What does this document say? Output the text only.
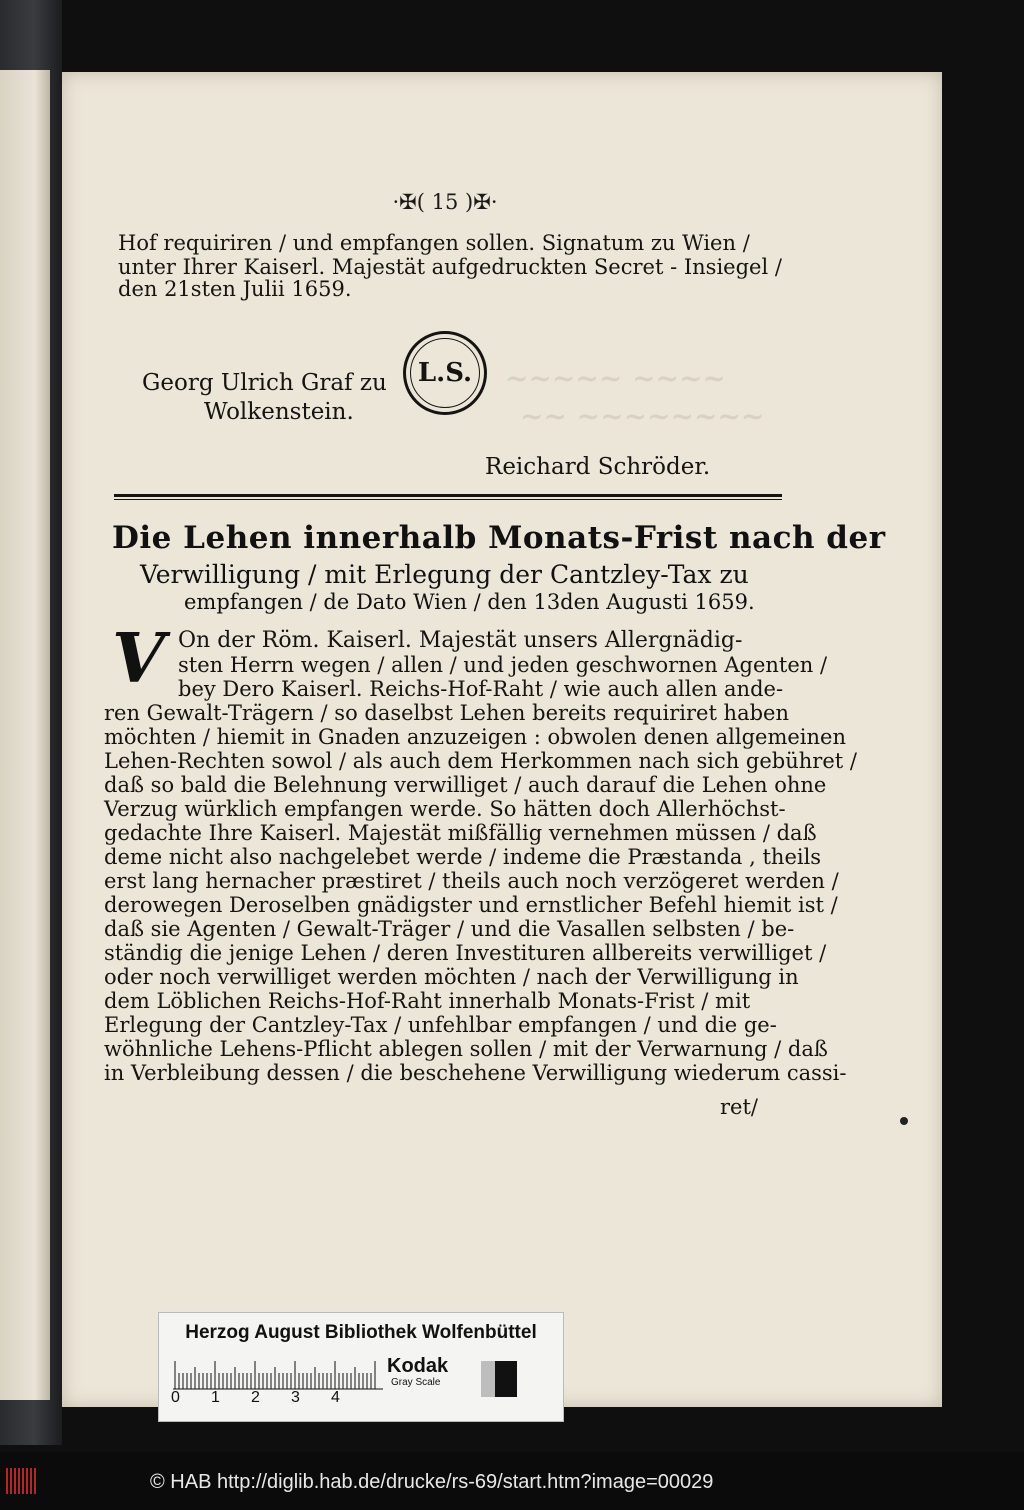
~~~~~ ~~~~
~~ ~~~~~~~~
·✠( 15 )✠·
Hof requiriren / und empfangen sollen. Signatum zu Wien /
unter Ihrer Kaiserl. Majestät aufgedruckten Secret - Insiegel /
den 21sten Julii 1659.
Georg Ulrich Graf zu
Wolkenstein.
L.S.
Reichard Schröder.
Die Lehen innerhalb Monats-Frist nach der
Verwilligung / mit Erlegung der Cantzley-Tax zu
empfangen / de Dato Wien / den 13den Augusti 1659.
V On der Röm. Kaiserl. Majestät unsers Allergnädig-
sten Herrn wegen / allen / und jeden geschwornen Agenten /
bey Dero Kaiserl. Reichs-Hof-Raht / wie auch allen ande-
ren Gewalt-Trägern / so daselbst Lehen bereits requiriret haben
möchten / hiemit in Gnaden anzuzeigen : obwolen denen allgemeinen
Lehen-Rechten sowol / als auch dem Herkommen nach sich gebühret /
daß so bald die Belehnung verwilliget / auch darauf die Lehen ohne
Verzug würklich empfangen werde. So hätten doch Allerhöchst-
gedachte Ihre Kaiserl. Majestät mißfällig vernehmen müssen / daß
deme nicht also nachgelebet werde / indeme die Præstanda , theils
erst lang hernacher præstiret / theils auch noch verzögeret werden /
derowegen Deroselben gnädigster und ernstlicher Befehl hiemit ist /
daß sie Agenten / Gewalt-Träger / und die Vasallen selbsten / be-
ständig die jenige Lehen / deren Investituren allbereits verwilliget /
oder noch verwilliget werden möchten / nach der Verwilligung in
dem Löblichen Reichs-Hof-Raht innerhalb Monats-Frist / mit
Erlegung der Cantzley-Tax / unfehlbar empfangen / und die ge-
wöhnliche Lehens-Pflicht ablegen sollen / mit der Verwarnung / daß
in Verbleibung dessen / die beschehene Verwilligung wiederum cassi-
ret/
Herzog August Bibliothek Wolfenbüttel
0 1 2 3 4
Kodak
Gray Scale
© HAB http://diglib.hab.de/drucke/rs-69/start.htm?image=00029
